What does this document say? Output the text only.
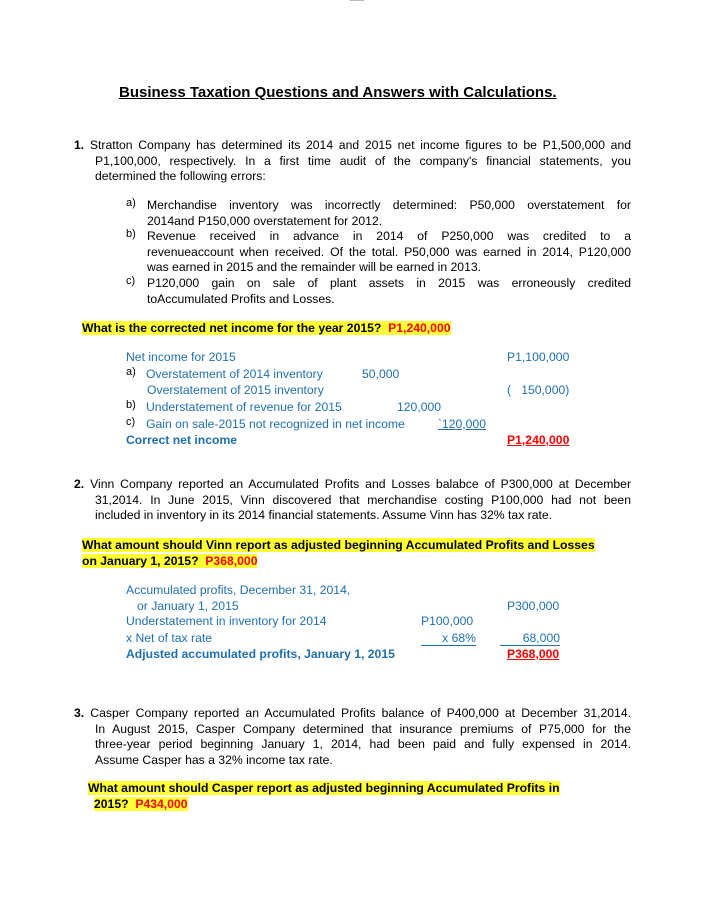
Business Taxation Questions and Answers with Calculations.
1. Stratton Company has determined its 2014 and 2015 net income figures to be P1,500,000 and
P1,100,000, respectively. In a first time audit of the company's financial statements, you
determined the following errors:
a) Merchandise inventory was incorrectly determined: P50,000 overstatement for
2014and P150,000 overstatement for 2012.
b) Revenue received in advance in 2014 of P250,000 was credited to a
revenueaccount when received. Of the total. P50,000 was earned in 2014, P120,000
was earned in 2015 and the remainder will be earned in 2013.
c) P120,000 gain on sale of plant assets in 2015 was erroneously credited
toAccumulated Profits and Losses.
What is the corrected net income for the year 2015? P1,240,000
Net income for 2015	P1,100,000
a) Overstatement of 2014 inventory	50,000
Overstatement of 2015 inventory	(   150,000)
b) Understatement of revenue for 2015	120,000
c) Gain on sale-2015 not recognized in net income	`120,000
Correct net income	P1,240,000
2. Vinn Company reported an Accumulated Profits and Losses balabce of P300,000 at December
31,2014. In June 2015, Vinn discovered that merchandise costing P100,000 had not been
included in inventory in its 2014 financial statements. Assume Vinn has 32% tax rate.
What amount should Vinn report as adjusted beginning Accumulated Profits and Losses
on January 1, 2015? P368,000
Accumulated profits, December 31, 2014,
or January 1, 2015	P300,000
Understatement in inventory for 2014	P100,000
x Net of tax rate	x 68%	68,000
Adjusted accumulated profits, January 1, 2015	P368,000
3. Casper Company reported an Accumulated Profits balance of P400,000 at December 31,2014.
In August 2015, Casper Company determined that insurance premiums of P75,000 for the
three-year period beginning January 1, 2014, had been paid and fully expensed in 2014.
Assume Casper has a 32% income tax rate.
What amount should Casper report as adjusted beginning Accumulated Profits in
2015? P434,000
